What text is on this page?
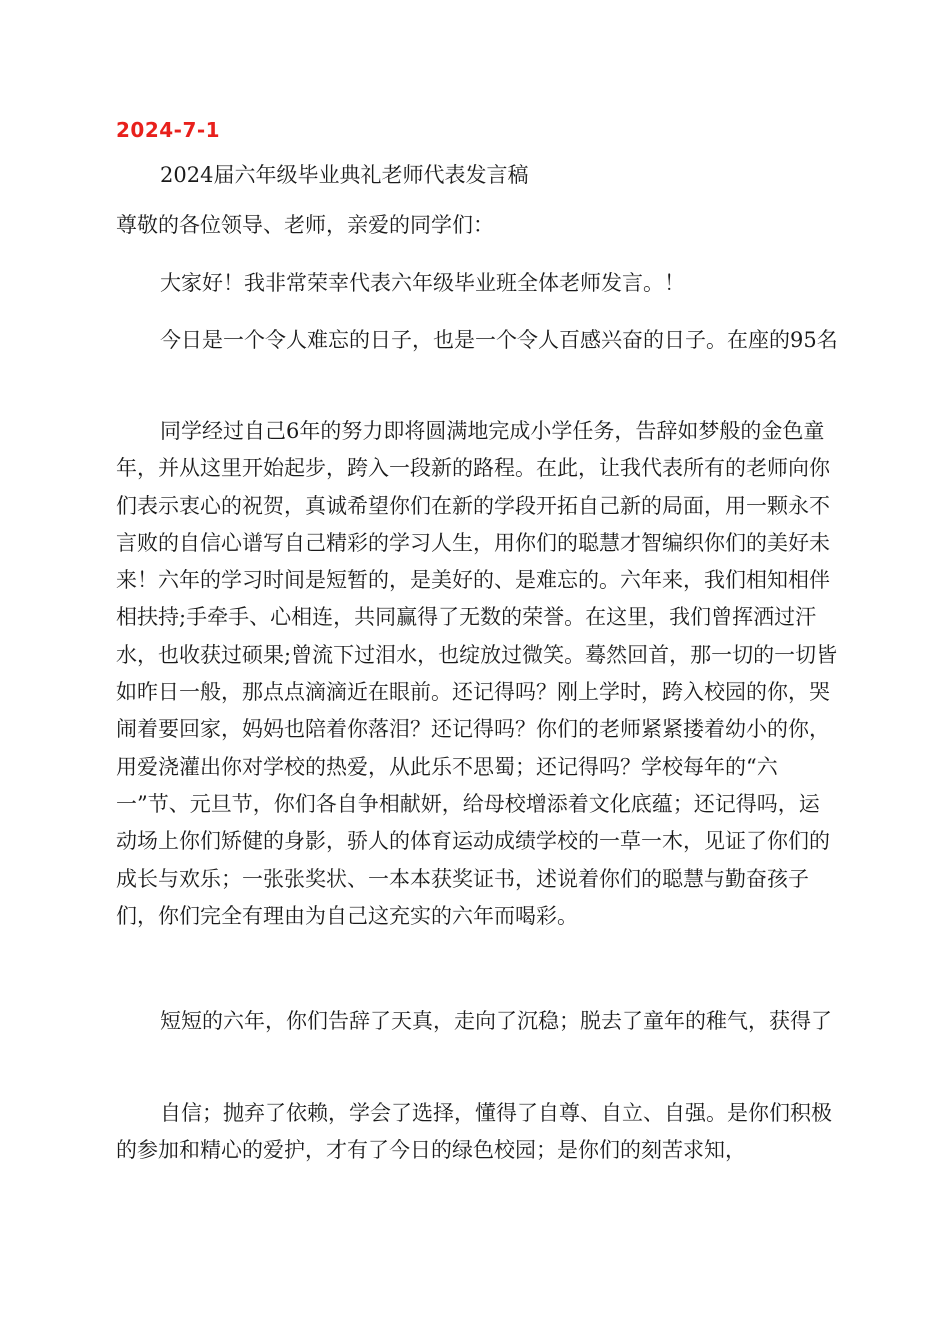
2024-7-1
2024届六年级毕业典礼老师代表发言稿

尊敬的各位领导、老师，亲爱的同学们：

大家好！我非常荣幸代表六年级毕业班全体老师发言。！

今日是一个令人难忘的日子，也是一个令人百感兴奋的日子。在座的95名

同学经过自己6年的努力即将圆满地完成小学任务，告辞如梦般的金色童年，并从这里开始起步，跨入一段新的路程。在此，让我代表所有的老师向你们表示衷心的祝贺，真诚希望你们在新的学段开拓自己新的局面，用一颗永不言败的自信心谱写自己精彩的学习人生，用你们的聪慧才智编织你们的美好未来！六年的学习时间是短暂的，是美好的、是难忘的。六年来，我们相知相伴相扶持;手牵手、心相连，共同赢得了无数的荣誉。在这里，我们曾挥洒过汗水，也收获过硕果;曾流下过泪水，也绽放过微笑。蓦然回首，那一切的一切皆如昨日一般，那点点滴滴近在眼前。还记得吗？刚上学时，跨入校园的你，哭闹着要回家，妈妈也陪着你落泪？还记得吗？你们的老师紧紧搂着幼小的你，用爱浇灌出你对学校的热爱，从此乐不思蜀；还记得吗？学校每年的“六一”节、元旦节，你们各自争相献妍，给母校增添着文化底蕴；还记得吗，运动场上你们矫健的身影，骄人的体育运动成绩学校的一草一木，见证了你们的成长与欢乐；一张张奖状、一本本获奖证书，述说着你们的聪慧与勤奋孩子们，你们完全有理由为自己这充实的六年而喝彩。

短短的六年，你们告辞了天真，走向了沉稳；脱去了童年的稚气，获得了

自信；抛弃了依赖，学会了选择，懂得了自尊、自立、自强。是你们积极的参加和精心的爱护，才有了今日的绿色校园；是你们的刻苦求知，
